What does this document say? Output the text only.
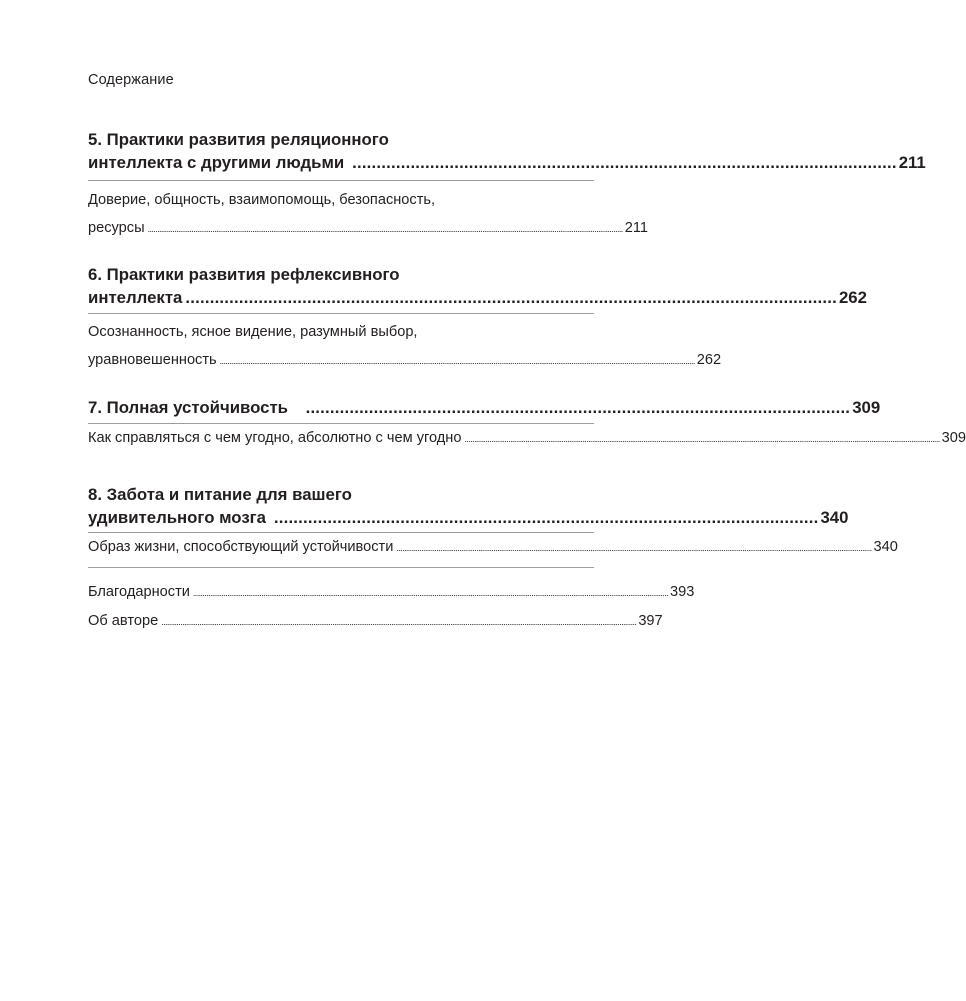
Содержание
5. Практики развития реляционного
интеллекта с другими людьми ................................................................................................................ 211
Доверие, общность, взаимопомощь, безопасность,
ресурсы .......................................................................................................................................................................................................................................................... 211
6. Практики развития рефлексивного
интеллекта ...................................................................................................................................... 262
Осознанность, ясное видение, разумный выбор,
уравновешенность .......................................................................................................................................................................................................................................................... 262
7. Полная устойчивость ................................................................................................................ 309
Как справляться с чем угодно, абсолютно с чем угодно .......................................................................................................................................................................................................................................................... 309
8. Забота и питание для вашего
удивительного мозга ................................................................................................................ 340
Образ жизни, способствующий устойчивости .......................................................................................................................................................................................................................................................... 340
Благодарности .......................................................................................................................................................................................................................................................... 393
Об авторе .......................................................................................................................................................................................................................................................... 397
